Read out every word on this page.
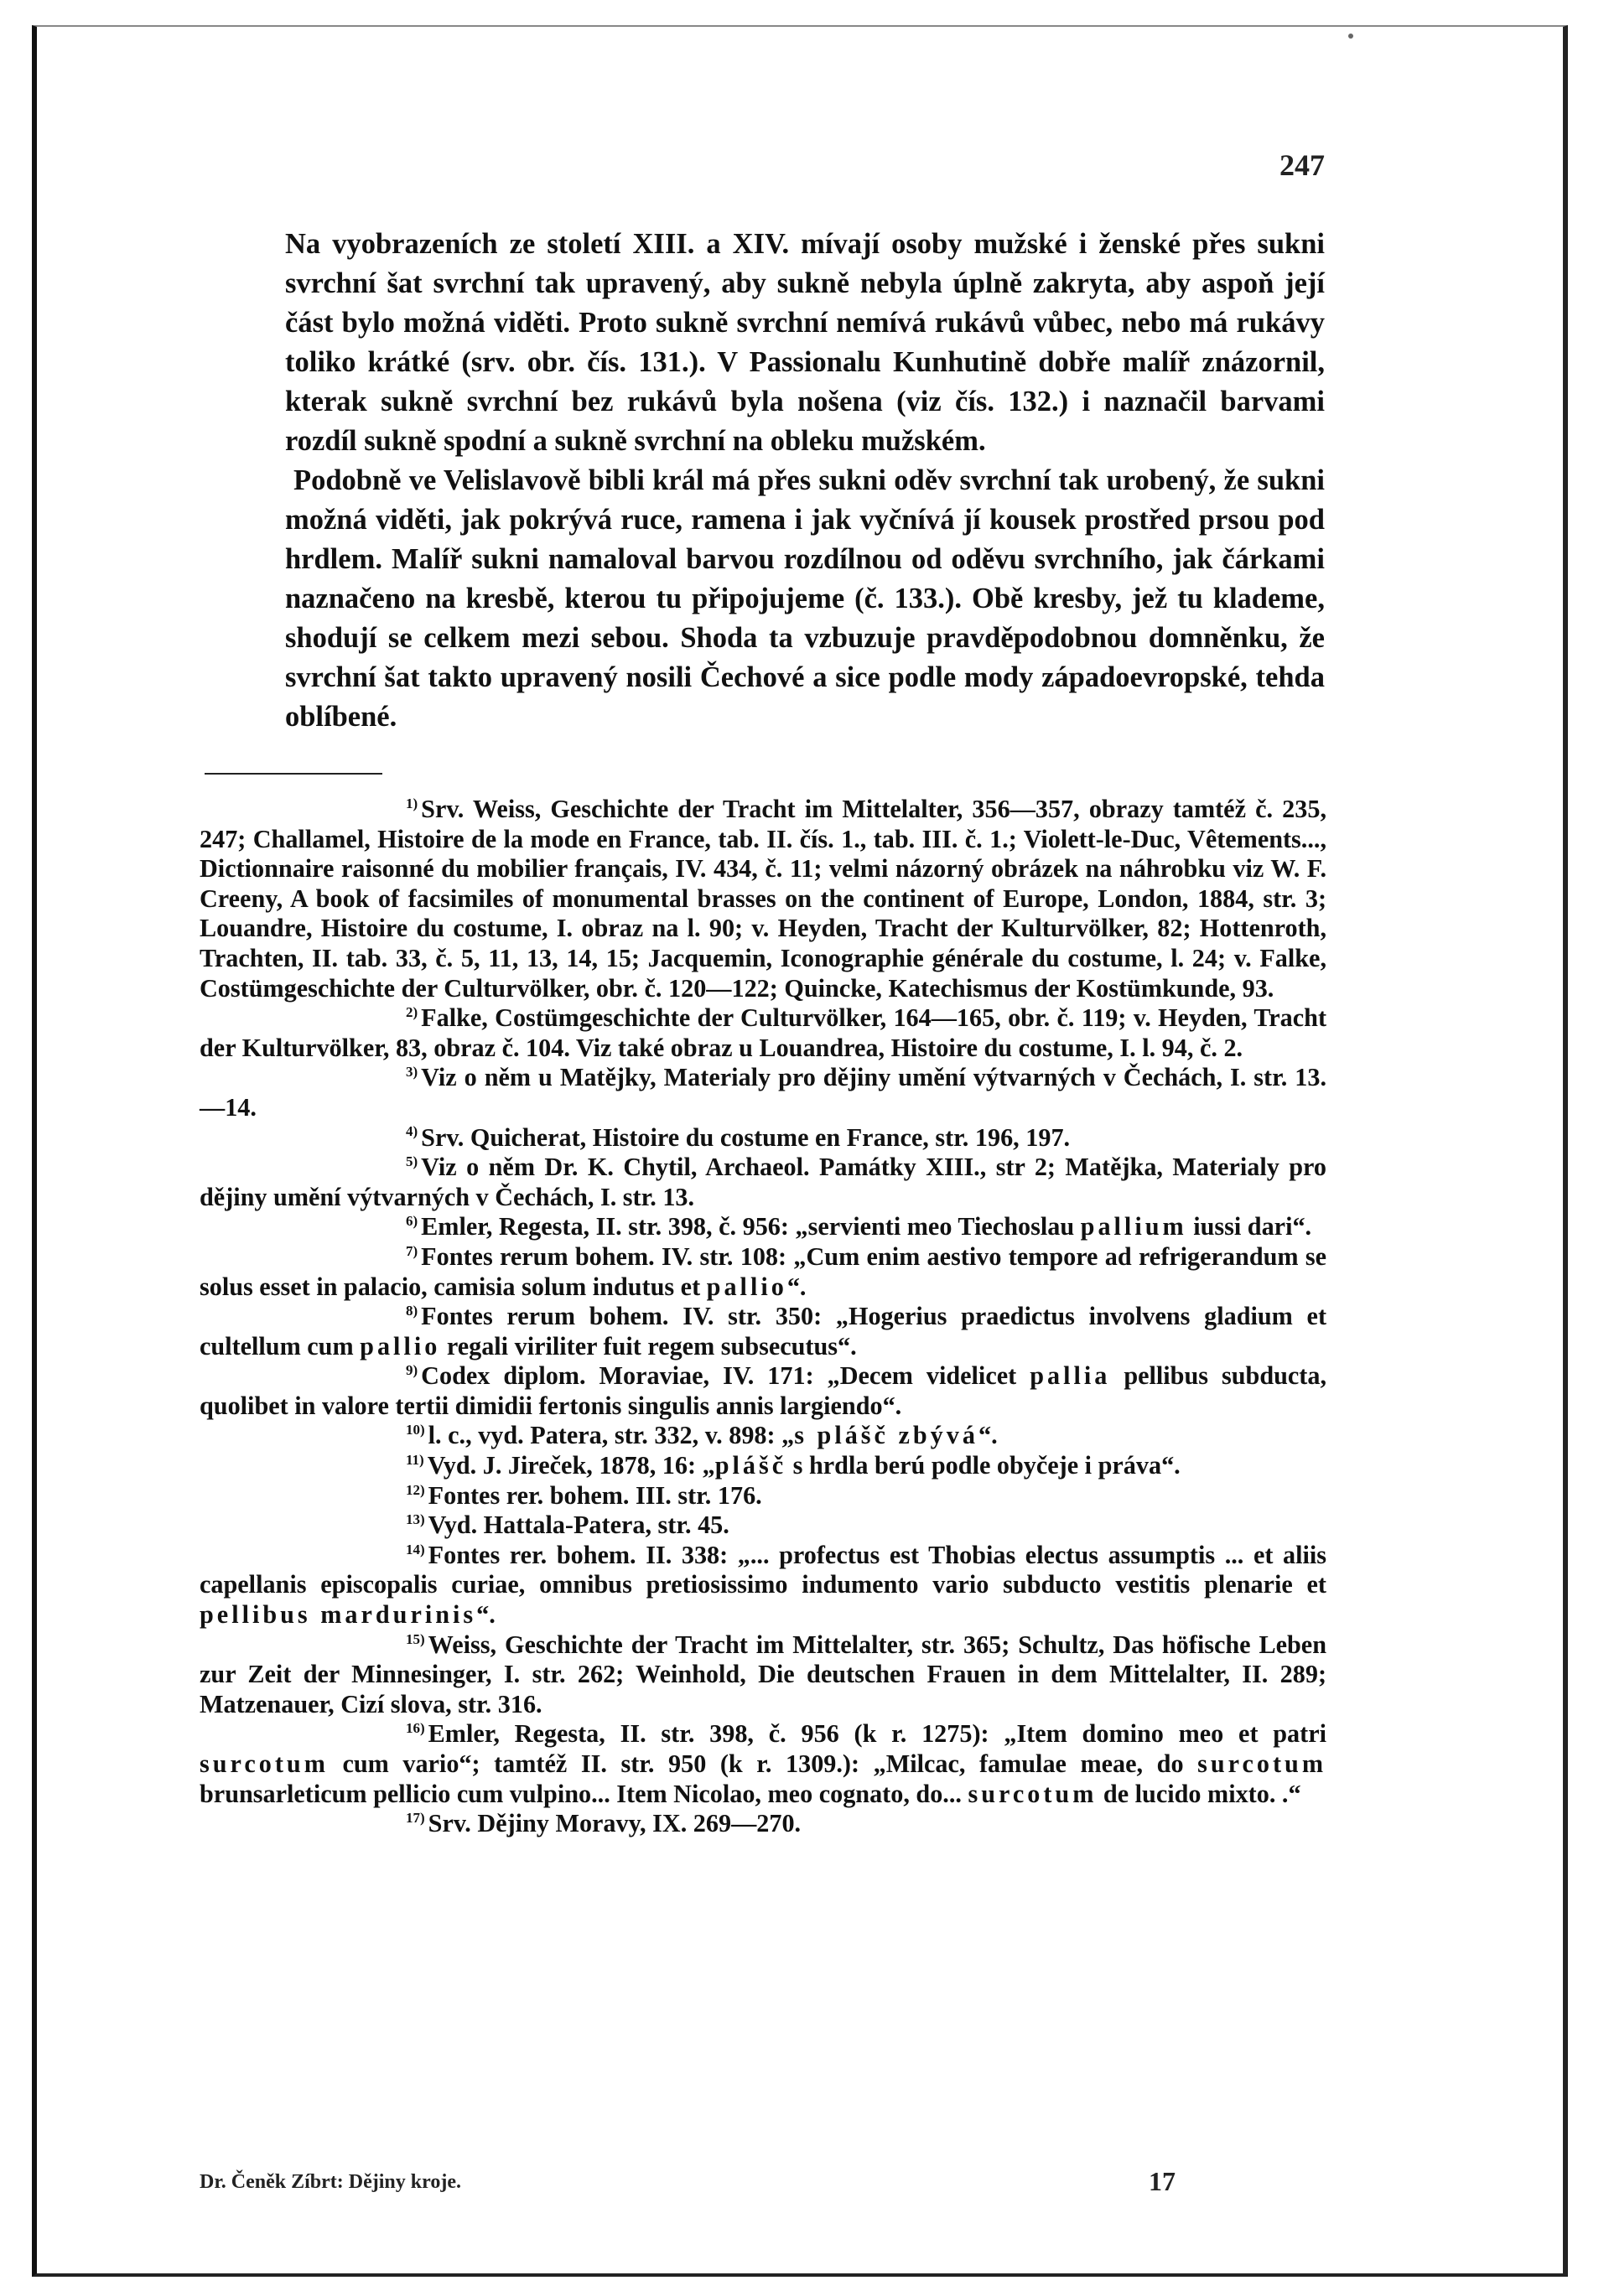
247

Na vyobrazeních ze století XIII. a XIV. mívají osoby mužské i ženské přes sukni svrchní šat svrchní tak upravený, aby sukně nebyla úplně zakryta, aby aspoň její část bylo možná viděti. Proto sukně svrchní nemívá rukávů vůbec, nebo má rukávy toliko krátké (srv. obr. čís. 131.). V Passionalu Kunhutině dobře malíř znázornil, kterak sukně svrchní bez rukávů byla nošena (viz čís. 132.) i naznačil barvami rozdíl sukně spodní a sukně svrchní na obleku mužském.

Podobně ve Velislavově bibli král má přes sukni oděv svrchní tak urobený, že sukni možná viděti, jak pokrývá ruce, ramena i jak vyčnívá jí kousek prostřed prsou pod hrdlem. Malíř sukni namaloval barvou rozdílnou od oděvu svrchního, jak čárkami naznačeno na kresbě, kterou tu připojujeme (č. 133.). Obě kresby, jež tu klademe, shodují se celkem mezi sebou. Shoda ta vzbuzuje pravděpodobnou domněnku, že svrchní šat takto upravený nosili Čechové a sice podle mody západoevropské, tehda oblíbené.

$^{1)}$ Srv. Weiss, Geschichte der Tracht im Mittelalter, 356—357, obrazy tamtéž č. 235, 247; Challamel, Histoire de la mode en France, tab. II. čís. 1., tab. III. č. 1.; Violett-le-Duc, Vêtements..., Dictionnaire raisonné du mobilier français, IV. 434, č. 11; velmi názorný obrázek na náhrobku viz W. F. Creeny, A book of facsimiles of monumental brasses on the continent of Europe, London, 1884, str. 3; Louandre, Histoire du costume, I. obraz na l. 90; v. Heyden, Tracht der Kulturvölker, 82; Hottenroth, Trachten, II. tab. 33, č. 5, 11, 13, 14, 15; Jacquemin, Iconographie générale du costume, l. 24; v. Falke, Costümgeschichte der Culturvölker, obr. č. 120—122; Quincke, Katechismus der Kostümkunde, 93.

$^{2)}$ Falke, Costümgeschichte der Culturvölker, 164—165, obr. č. 119; v. Heyden, Tracht der Kulturvölker, 83, obraz č. 104. Viz také obraz u Louandrea, Histoire du costume, I. l. 94, č. 2.

$^{3)}$ Viz o něm u Matějky, Materialy pro dějiny umění výtvarných v Čechách, I. str. 13.—14.

$^{4)}$ Srv. Quicherat, Histoire du costume en France, str. 196, 197.

$^{5)}$ Viz o něm Dr. K. Chytil, Archaeol. Památky XIII., str 2; Matějka, Materialy pro dějiny umění výtvarných v Čechách, I. str. 13.

$^{6)}$ Emler, Regesta, II. str. 398, č. 956: „servienti meo Tiechoslau pallium iussi dari“.

$^{7)}$ Fontes rerum bohem. IV. str. 108: „Cum enim aestivo tempore ad refrigerandum se solus esset in palacio, camisia solum indutus et pallio“.

$^{8)}$ Fontes rerum bohem. IV. str. 350: „Hogerius praedictus involvens gladium et cultellum cum pallio regali viriliter fuit regem subsecutus“.

$^{9)}$ Codex diplom. Moraviae, IV. 171: „Decem videlicet pallia pellibus subducta, quolibet in valore tertii dimidii fertonis singulis annis largiendo“.

$^{10)}$ l. c., vyd. Patera, str. 332, v. 898: „s plášč zbývá“.

$^{11)}$ Vyd. J. Jireček, 1878, 16: „plášč s hrdla berú podle obyčeje i práva“.

$^{12)}$ Fontes rer. bohem. III. str. 176.

$^{13)}$ Vyd. Hattala-Patera, str. 45.

$^{14)}$ Fontes rer. bohem. II. 338: „... profectus est Thobias electus assumptis ... et aliis capellanis episcopalis curiae, omnibus pretiosissimo indumento vario subducto vestitis plenarie et pellibus mardurinis“.

$^{15)}$ Weiss, Geschichte der Tracht im Mittelalter, str. 365; Schultz, Das höfische Leben zur Zeit der Minnesinger, I. str. 262; Weinhold, Die deutschen Frauen in dem Mittelalter, II. 289; Matzenauer, Cizí slova, str. 316.

$^{16)}$ Emler, Regesta, II. str. 398, č. 956 (k r. 1275): „Item domino meo et patri surcotum cum vario“; tamtéž II. str. 950 (k r. 1309.): „Milcac, famulae meae, do surcotum brunsarleticum pellicio cum vulpino... Item Nicolao, meo cognato, do... surcotum de lucido mixto. .“

$^{17)}$ Srv. Dějiny Moravy, IX. 269—270.

Dr. Čeněk Zíbrt: Dějiny kroje.	17
